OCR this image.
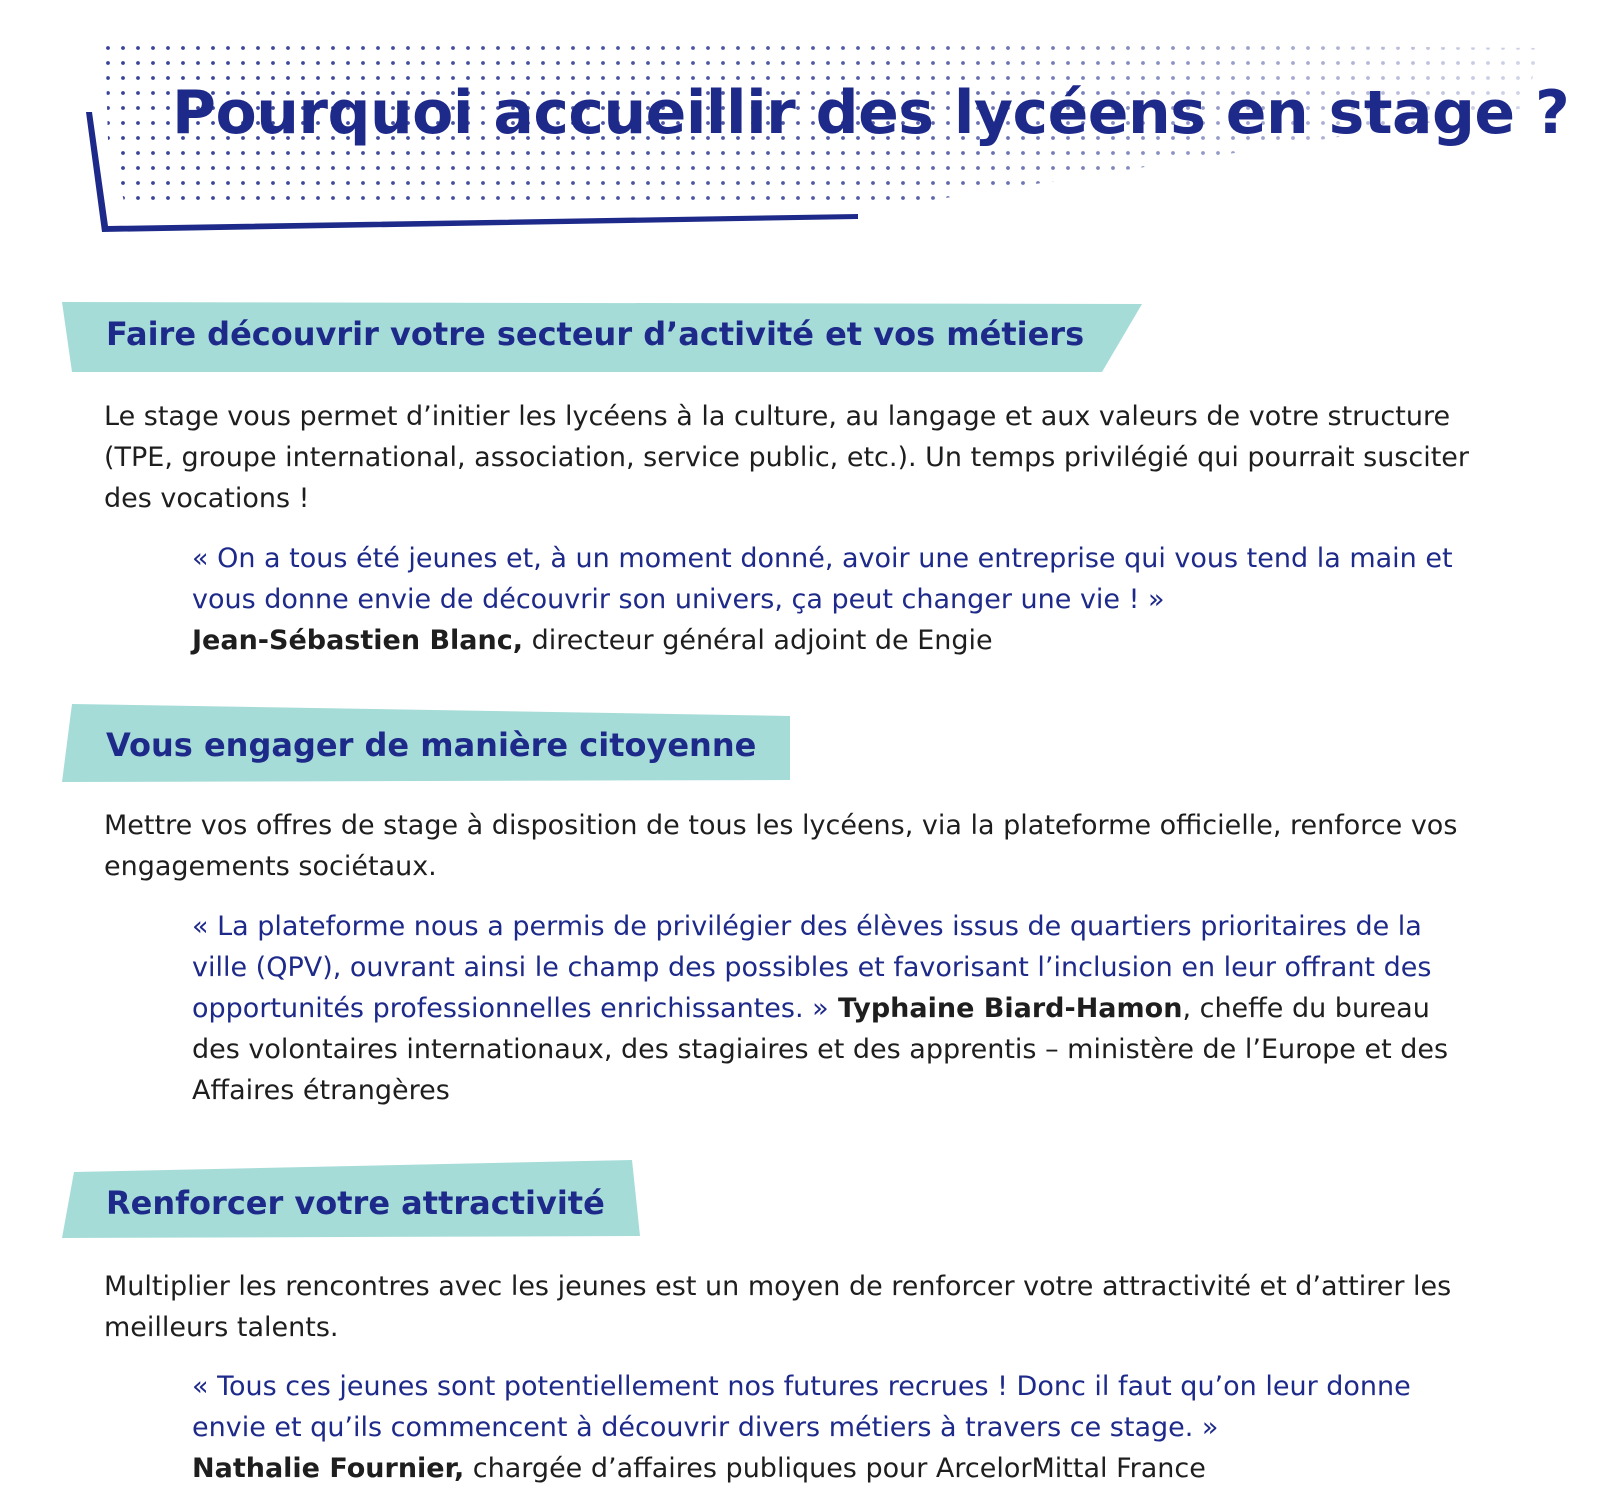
Pourquoi accueillir des lycéens en stage ?
Faire découvrir votre secteur d’activité et vos métiers

Le stage vous permet d’initier les lycéens à la culture, au langage et aux valeurs de votre structure (TPE, groupe international, association, service public, etc.). Un temps privilégié qui pourrait susciter des vocations !

« On a tous été jeunes et, à un moment donné, avoir une entreprise qui vous tend la main et vous donne envie de découvrir son univers, ça peut changer une vie ! »
Jean-Sébastien Blanc, directeur général adjoint de Engie

Vous engager de manière citoyenne

Mettre vos offres de stage à disposition de tous les lycéens, via la plateforme officielle, renforce vos engagements sociétaux.

« La plateforme nous a permis de privilégier des élèves issus de quartiers prioritaires de la ville (QPV), ouvrant ainsi le champ des possibles et favorisant l’inclusion en leur offrant des opportunités professionnelles enrichissantes. » Typhaine Biard-Hamon, cheffe du bureau des volontaires internationaux, des stagiaires et des apprentis – ministère de l’Europe et des Affaires étrangères

Renforcer votre attractivité

Multiplier les rencontres avec les jeunes est un moyen de renforcer votre attractivité et d’attirer les meilleurs talents.

« Tous ces jeunes sont potentiellement nos futures recrues ! Donc il faut qu’on leur donne envie et qu’ils commencent à découvrir divers métiers à travers ce stage. »
Nathalie Fournier, chargée d’affaires publiques pour ArcelorMittal France
